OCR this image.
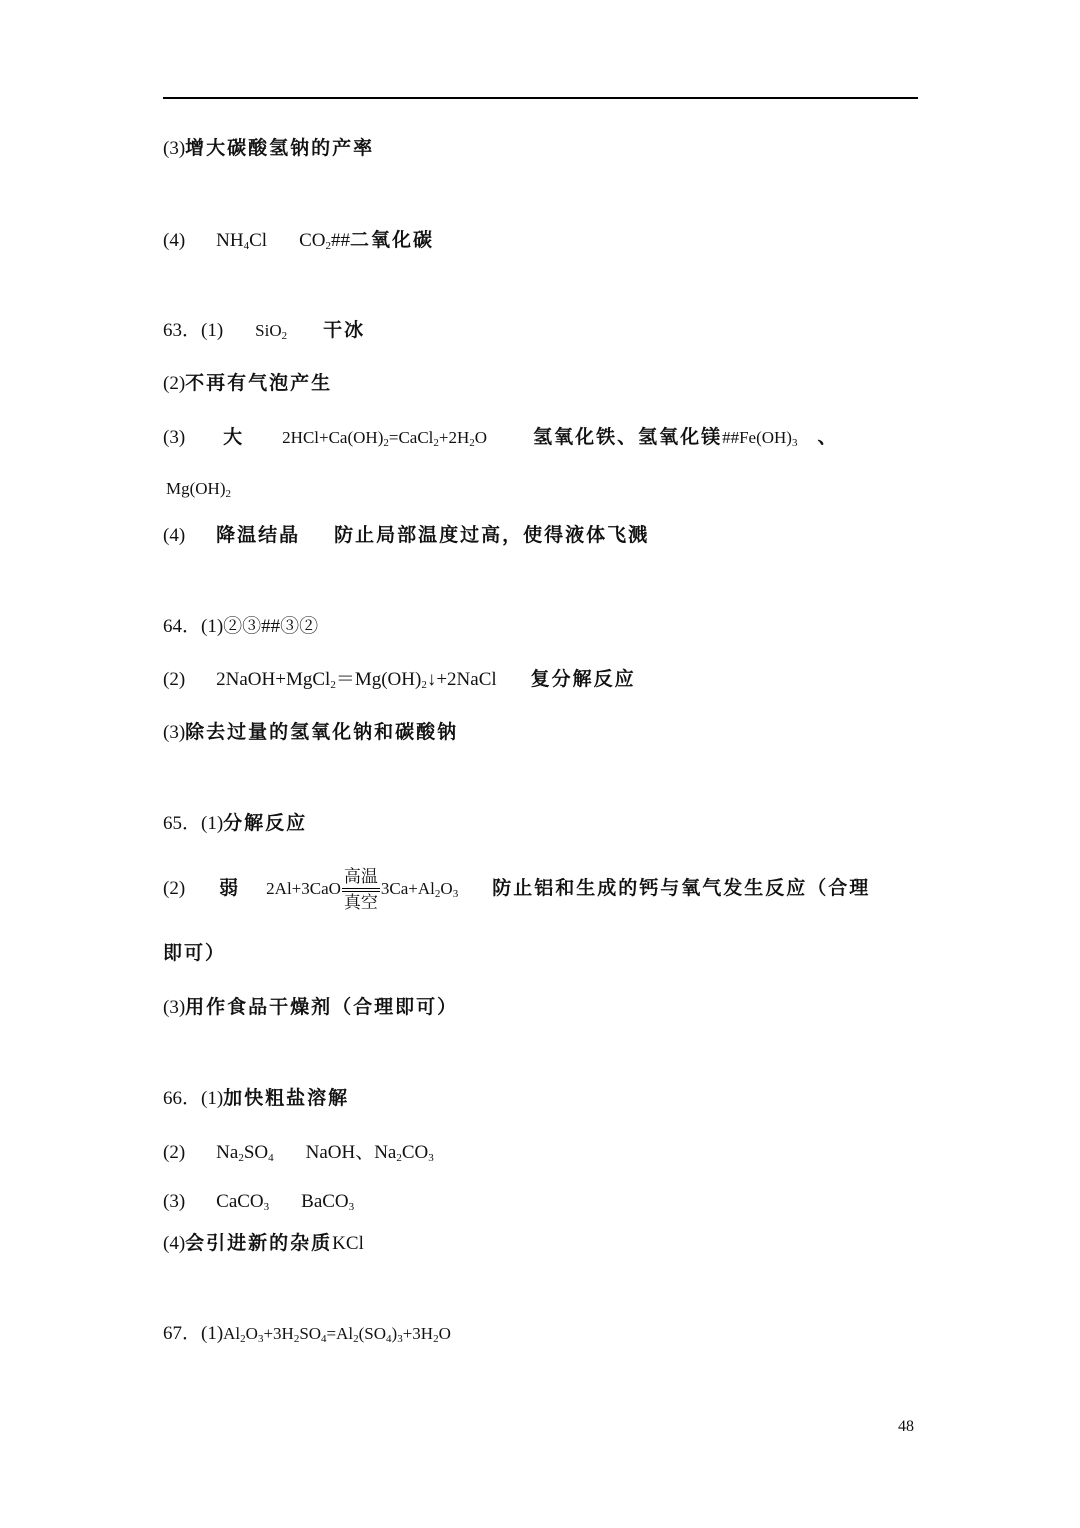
(3)增大碳酸氢钠的产率
(4) $NH_4Cl$ $CO_2\#\#$二氧化碳
63．(1) SiO$_2$ 干冰
(2)不再有气泡产生
(3) 大 $2HCl+Ca(OH)_2=CaCl_2+2H_2O$ 氢氧化铁、氢氧化镁$\#\#Fe(OH)_3$ 、
$Mg(OH)_2$
(4) 降温结晶 防止局部温度过高，使得液体飞溅
64．(1)②③##③②
(2) $2NaOH+MgCl_2=Mg(OH)_2↓+2NaCl$ 复分解反应
(3)除去过量的氢氧化钠和碳酸钠
65．(1)分解反应
(2) 弱 2Al+3CaO
高温
真空
$3Ca+Al_2O_3$ 防止铝和生成的钙与氧气发生反应（合理
即可）
(3)用作食品干燥剂（合理即可）
66．(1)加快粗盐溶解
(2) $Na_2SO_4$ NaOH、$Na_2CO_3$
(3) CaCO$_3$ BaCO$_3$
(4)会引进新的杂质KCl
67．$(1)Al_2O_3+3H_2SO_4=Al_2(SO_4)_3+3H_2O$
48
